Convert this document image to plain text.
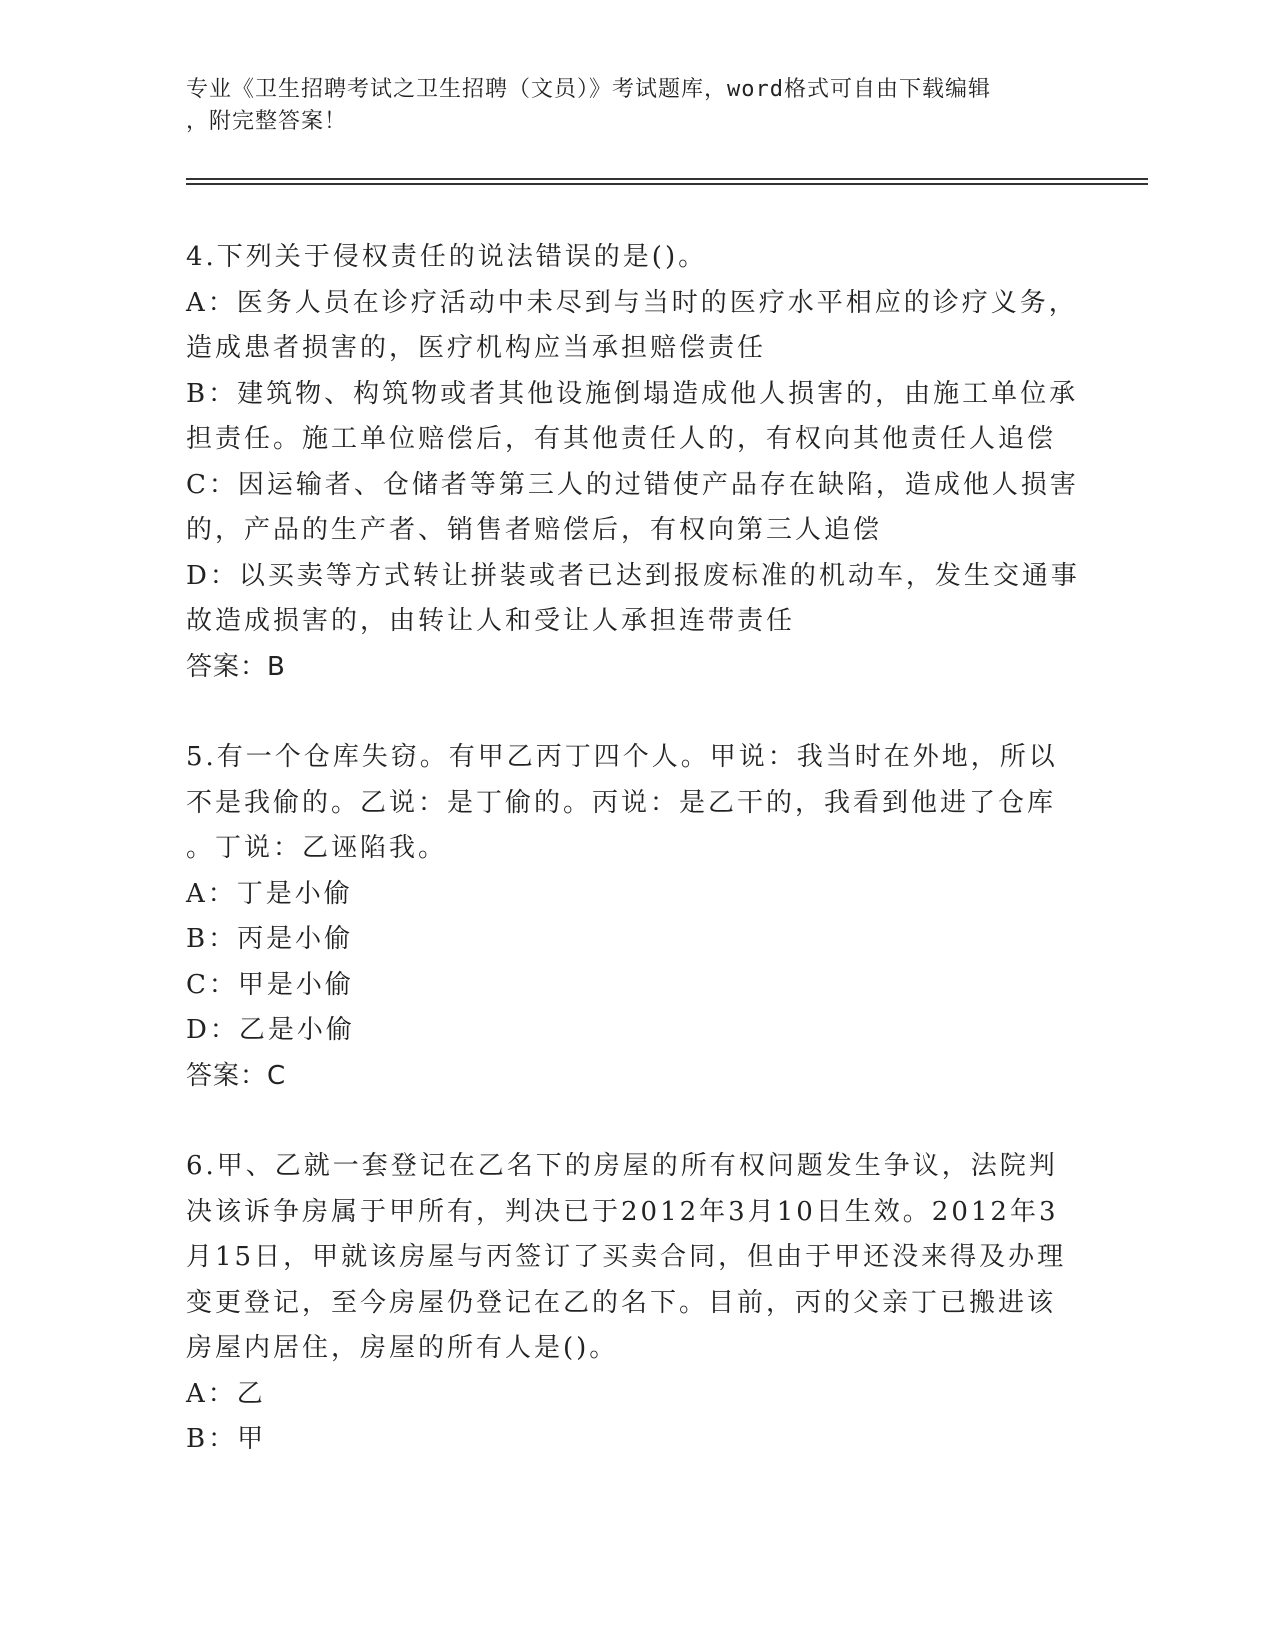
专业《卫生招聘考试之卫生招聘（文员）》考试题库，word格式可自由下载编辑
，附完整答案！
4.下列关于侵权责任的说法错误的是()。
A：医务人员在诊疗活动中未尽到与当时的医疗水平相应的诊疗义务，
造成患者损害的，医疗机构应当承担赔偿责任
B：建筑物、构筑物或者其他设施倒塌造成他人损害的，由施工单位承
担责任。施工单位赔偿后，有其他责任人的，有权向其他责任人追偿
C：因运输者、仓储者等第三人的过错使产品存在缺陷，造成他人损害
的，产品的生产者、销售者赔偿后，有权向第三人追偿
D：以买卖等方式转让拼装或者已达到报废标准的机动车，发生交通事
故造成损害的，由转让人和受让人承担连带责任
答案：B
5.有一个仓库失窃。有甲乙丙丁四个人。甲说：我当时在外地，所以
不是我偷的。乙说：是丁偷的。丙说：是乙干的，我看到他进了仓库
。丁说：乙诬陷我。
A：丁是小偷
B：丙是小偷
C：甲是小偷
D：乙是小偷
答案：C
6.甲、乙就一套登记在乙名下的房屋的所有权问题发生争议，法院判
决该诉争房属于甲所有，判决已于2012年3月10日生效。2012年3
月15日，甲就该房屋与丙签订了买卖合同，但由于甲还没来得及办理
变更登记，至今房屋仍登记在乙的名下。目前，丙的父亲丁已搬进该
房屋内居住，房屋的所有人是()。
A：乙
B：甲
